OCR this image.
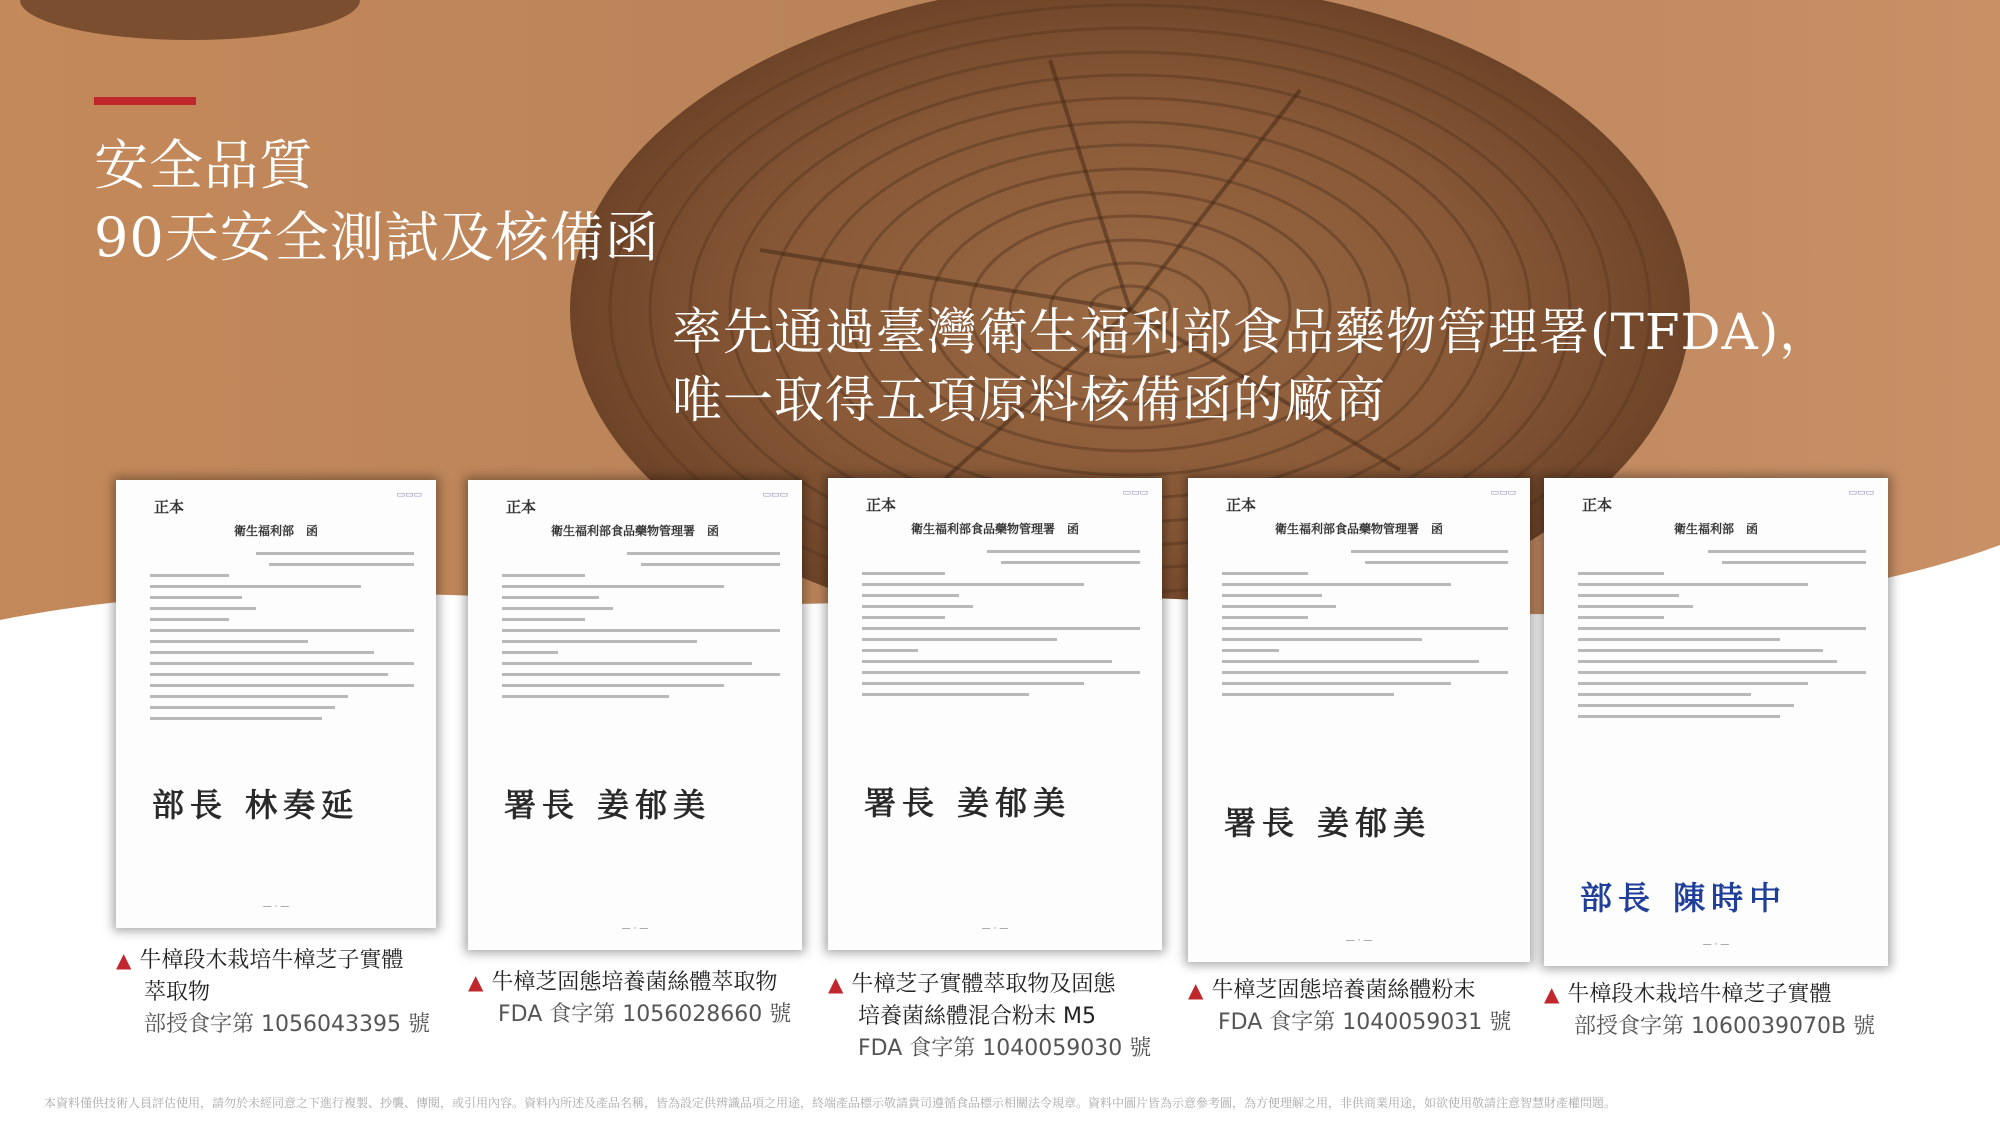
安全品質
90天安全測試及核備函
率先通過臺灣衛生福利部食品藥物管理署(TFDA)，
唯一取得五項原料核備函的廠商
正本
▭▭▭
衛生福利部　函
部長 林奏延
— · —
正本
▭▭▭
衛生福利部食品藥物管理署　函
署長 姜郁美
— · —
正本
▭▭▭
衛生福利部食品藥物管理署　函
署長 姜郁美
— · —
正本
▭▭▭
衛生福利部食品藥物管理署　函
署長 姜郁美
— · —
正本
▭▭▭
衛生福利部　函
部長 陳時中
— · —
▲ 牛樟段木栽培牛樟芝子實體
萃取物
部授食字第 1056043395 號
▲ 牛樟芝固態培養菌絲體萃取物
FDA 食字第 1056028660 號
▲ 牛樟芝子實體萃取物及固態
培養菌絲體混合粉末 M5
FDA 食字第 1040059030 號
▲ 牛樟芝固態培養菌絲體粉末
FDA 食字第 1040059031 號
▲ 牛樟段木栽培牛樟芝子實體
部授食字第 1060039070B 號
本資料僅供技術人員評估使用，請勿於未經同意之下進行複製、抄襲、傳閱，或引用內容。資料內所述及產品名稱，皆為設定供辨識品項之用途，終端產品標示敬請貴司遵循食品標示相關法令規章。資料中圖片皆為示意參考圖，為方便理解之用，非供商業用途，如欲使用敬請注意智慧財產權問題。
